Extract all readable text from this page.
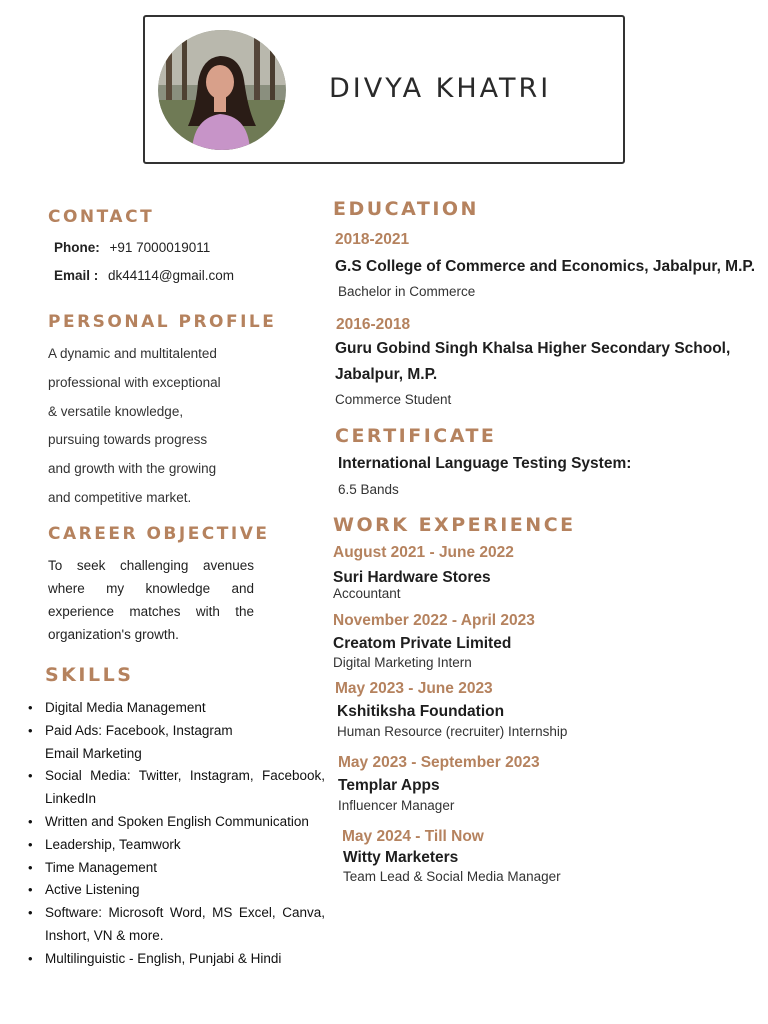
DIVYA KHATRI
CONTACT
Phone: +91 7000019011
Email : dk44114@gmail.com
PERSONAL PROFILE
A dynamic and multitalented
professional with exceptional
& versatile knowledge,
pursuing towards progress
and growth with the growing
and competitive market.
CAREER OBJECTIVE
To seek challenging avenues where my knowledge and experience matches with the organization's growth.
SKILLS
• Digital Media Management
• Paid Ads: Facebook, Instagram
Email Marketing
• Social Media: Twitter, Instagram, Facebook, LinkedIn
• Written and Spoken English Communication
• Leadership, Teamwork
• Time Management
• Active Listening
• Software: Microsoft Word, MS Excel, Canva, Inshort, VN & more.
• Multilinguistic - English, Punjabi & Hindi
EDUCATION
2018-2021
G.S College of Commerce and Economics, Jabalpur, M.P.
Bachelor in Commerce
2016-2018
Guru Gobind Singh Khalsa Higher Secondary School, Jabalpur, M.P.
Commerce Student
CERTIFICATE
International Language Testing System:
6.5 Bands
WORK EXPERIENCE
August 2021 - June 2022
Suri Hardware Stores
Accountant
November 2022 - April 2023
Creatom Private Limited
Digital Marketing Intern
May 2023 - June 2023
Kshitiksha Foundation
Human Resource (recruiter) Internship
May 2023 - September 2023
Templar Apps
Influencer Manager
May 2024 - Till Now
Witty Marketers
Team Lead & Social Media Manager
